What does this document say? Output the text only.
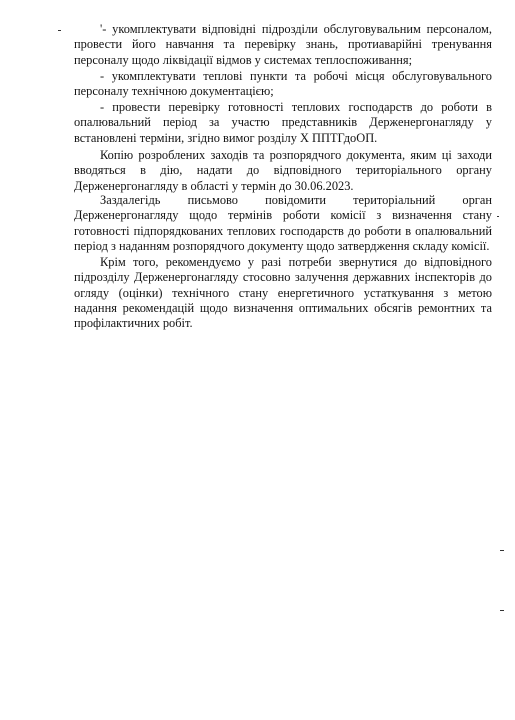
'- укомплектувати відповідні підрозділи обслуговувальним персоналом, провести його навчання та перевірку знань, протиаварійні тренування персоналу щодо ліквідації відмов у системах теплоспоживання;

- укомплектувати теплові пункти та робочі місця обслуговувального персоналу технічною документацією;

- провести перевірку готовності теплових господарств до роботи в опалювальний період за участю представників Держенергонагляду у встановлені терміни, згідно вимог розділу X ППТГдоОП.

Копію розроблених заходів та розпорядчого документа, яким ці заходи вводяться в дію, надати до відповідного територіального органу Держенергонагляду в області у термін до 30.06.2023.

Заздалегідь письмово повідомити територіальний орган Держенергонагляду щодо термінів роботи комісії з визначення стану готовності підпорядкованих теплових господарств до роботи в опалювальний період з наданням розпорядчого документу щодо затвердження складу комісії.

Крім того, рекомендуємо у разі потреби звернутися до відповідного підрозділу Держенергонагляду стосовно залучення державних інспекторів до огляду (оцінки) технічного стану енергетичного устаткування з метою надання рекомендацій щодо визначення оптимальних обсягів ремонтних та профілактичних робіт.
